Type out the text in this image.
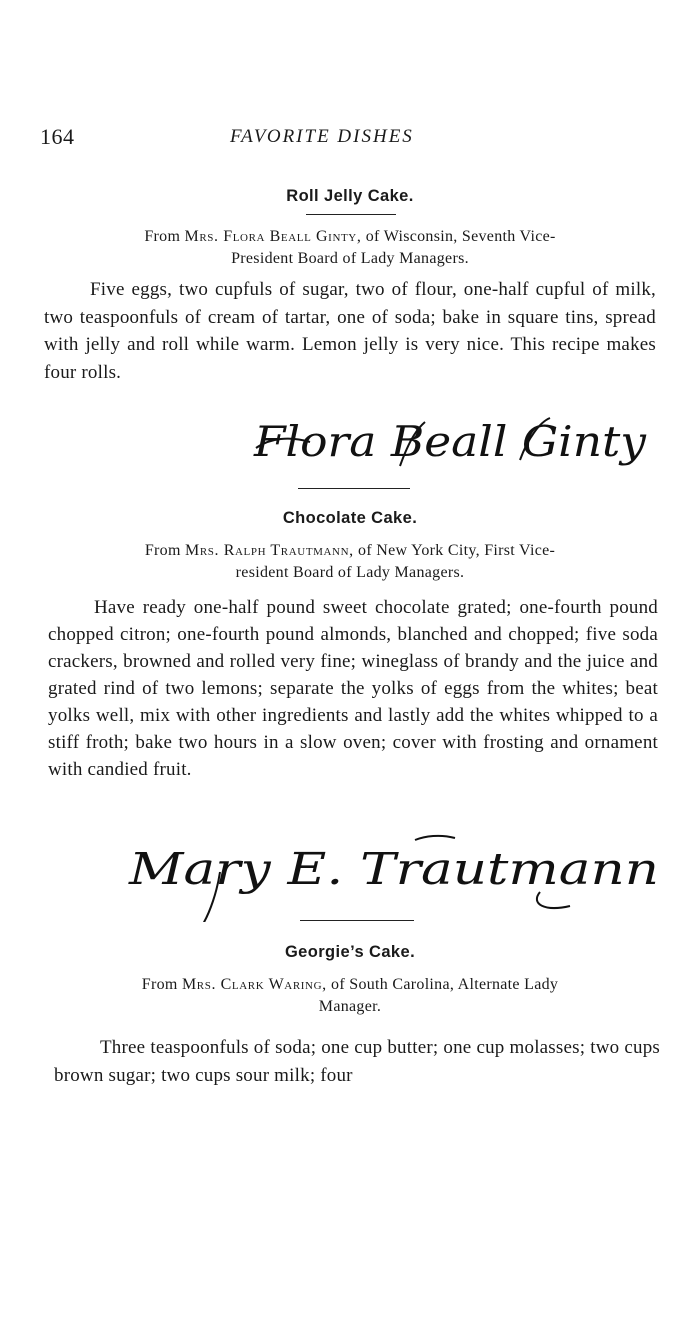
164	FAVORITE DISHES
Roll Jelly Cake.
From Mrs. Flora Beall Ginty, of Wisconsin, Seventh Vice-
President Board of Lady Managers.
Five eggs, two cupfuls of sugar, two of flour, one-half cupful of milk, two teaspoonfuls of cream of tartar, one of soda; bake in square tins, spread with jelly and roll while warm. Lemon jelly is very nice. This recipe makes four rolls.
Flora Beall Ginty
Chocolate Cake.
From Mrs. Ralph Trautmann, of New York City, First Vice-
resident Board of Lady Managers.
Have ready one-half pound sweet chocolate grated; one-fourth pound chopped citron; one-fourth pound almonds, blanched and chopped; five soda crackers, browned and rolled very fine; wineglass of brandy and the juice and grated rind of two lemons; separate the yolks of eggs from the whites; beat yolks well, mix with other ingredients and lastly add the whites whipped to a stiff froth; bake two hours in a slow oven; cover with frosting and ornament with candied fruit.
Mary E. Trautmann
Georgie’s Cake.
From Mrs. Clark Waring, of South Carolina, Alternate Lady
Manager.
Three teaspoonfuls of soda; one cup butter; one cup molasses; two cups brown sugar; two cups sour milk; four
